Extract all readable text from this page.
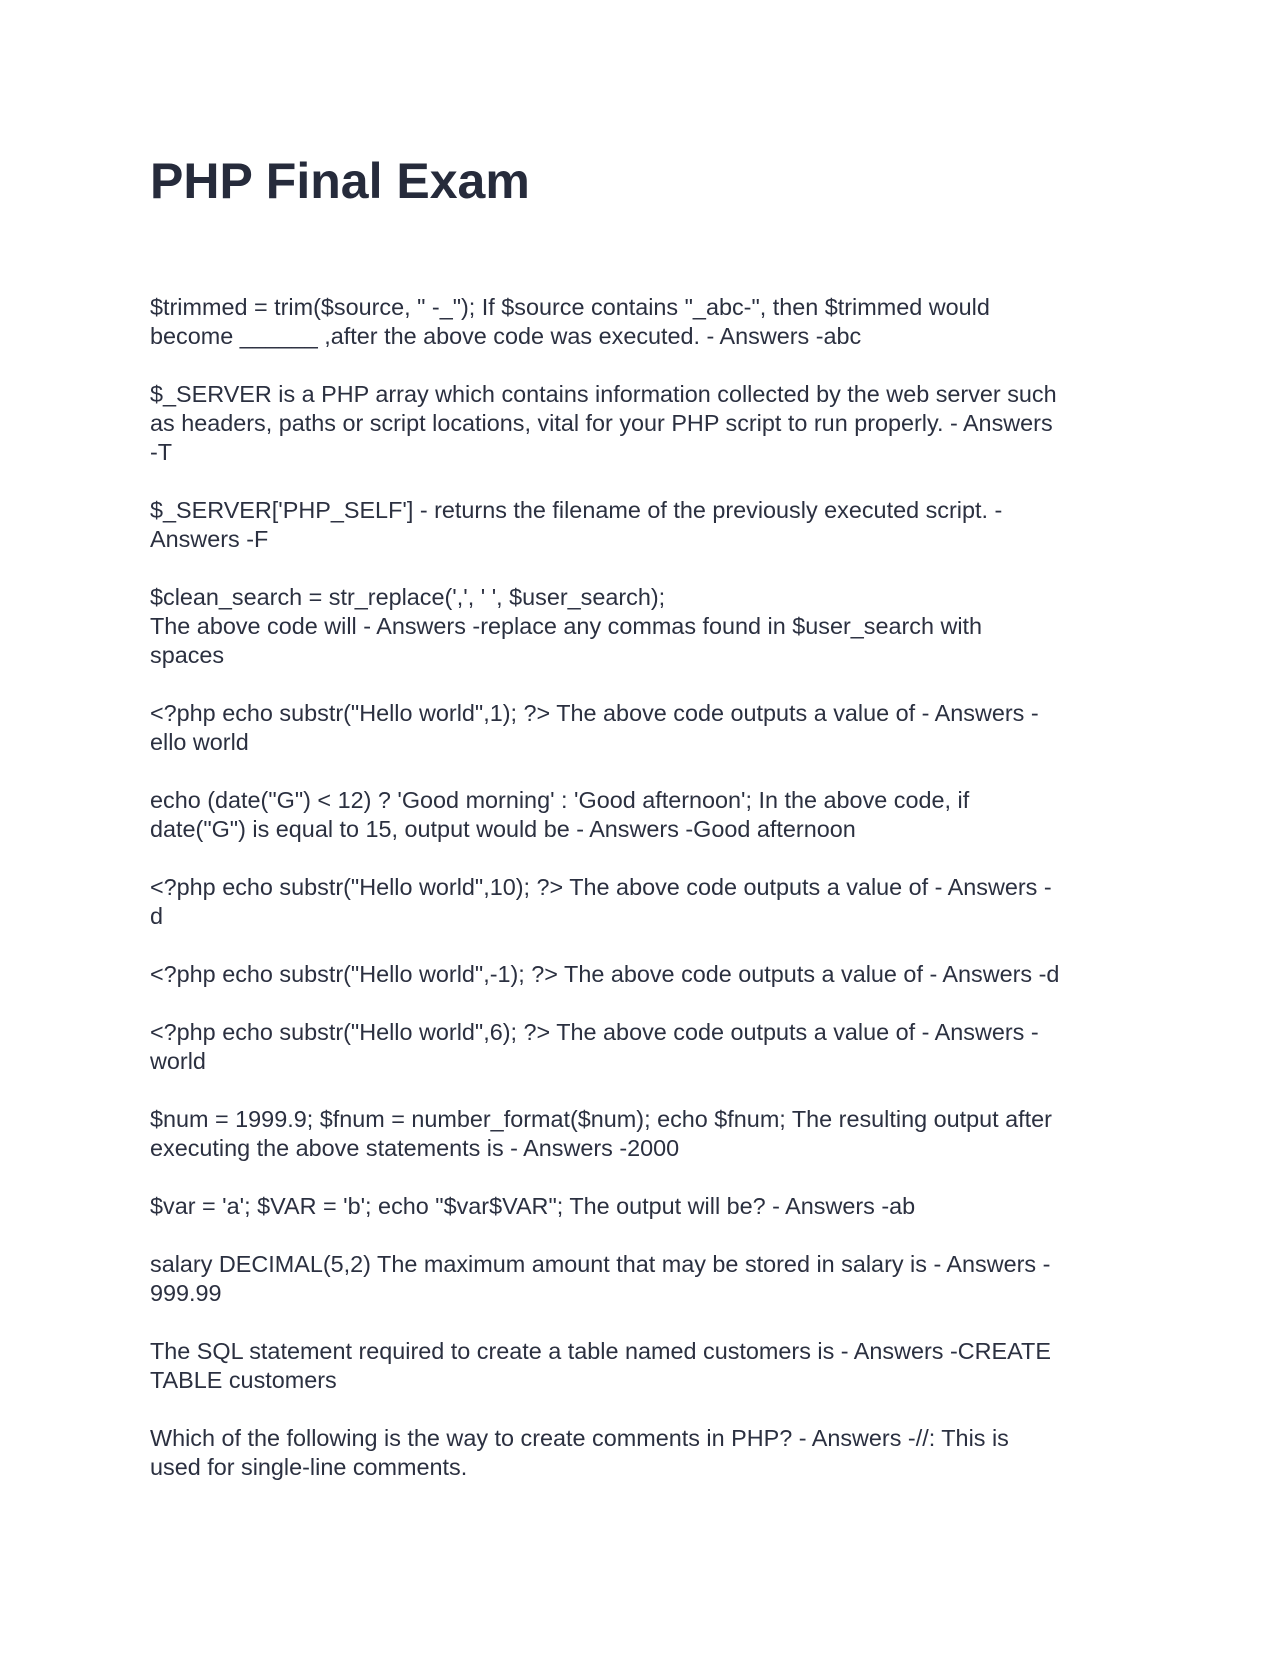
PHP Final Exam

$trimmed = trim($source, " -_"); If $source contains "_abc-", then $trimmed would
become ______ ,after the above code was executed. - Answers -abc

$_SERVER is a PHP array which contains information collected by the web server such
as headers, paths or script locations, vital for your PHP script to run properly. - Answers
-T

$_SERVER['PHP_SELF'] - returns the filename of the previously executed script. -
Answers -F

$clean_search = str_replace(',', ' ', $user_search);
The above code will - Answers -replace any commas found in $user_search with
spaces

<?php echo substr("Hello world",1); ?> The above code outputs a value of - Answers -
ello world

echo (date("G") < 12) ? 'Good morning' : 'Good afternoon'; In the above code, if
date("G") is equal to 15, output would be - Answers -Good afternoon

<?php echo substr("Hello world",10); ?> The above code outputs a value of - Answers -
d

<?php echo substr("Hello world",-1); ?> The above code outputs a value of - Answers -d

<?php echo substr("Hello world",6); ?> The above code outputs a value of - Answers -
world

$num = 1999.9; $fnum = number_format($num); echo $fnum; The resulting output after
executing the above statements is - Answers -2000

$var = 'a'; $VAR = 'b'; echo "$var$VAR"; The output will be? - Answers -ab

salary DECIMAL(5,2) The maximum amount that may be stored in salary is - Answers -
999.99

The SQL statement required to create a table named customers is - Answers -CREATE
TABLE customers

Which of the following is the way to create comments in PHP? - Answers -//: This is
used for single-line comments.
